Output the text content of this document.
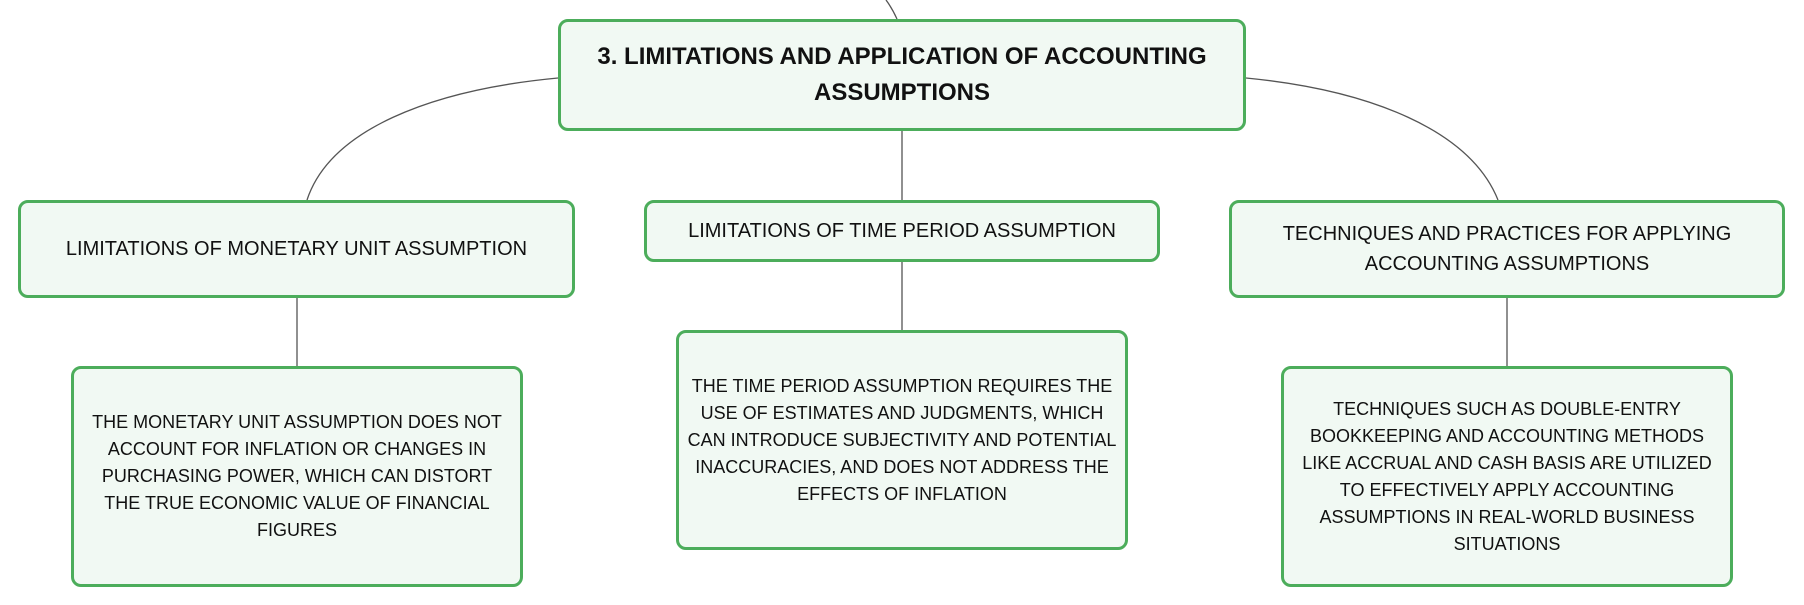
3. LIMITATIONS AND APPLICATION OF ACCOUNTING ASSUMPTIONS
LIMITATIONS OF MONETARY UNIT ASSUMPTION
LIMITATIONS OF TIME PERIOD ASSUMPTION	TECHNIQUES AND PRACTICES FOR APPLYING ACCOUNTING ASSUMPTIONS
THE MONETARY UNIT ASSUMPTION DOES NOT ACCOUNT FOR INFLATION OR CHANGES IN PURCHASING POWER, WHICH CAN DISTORT THE TRUE ECONOMIC VALUE OF FINANCIAL FIGURES
THE TIME PERIOD ASSUMPTION REQUIRES THE USE OF ESTIMATES AND JUDGMENTS, WHICH CAN INTRODUCE SUBJECTIVITY AND POTENTIAL INACCURACIES, AND DOES NOT ADDRESS THE EFFECTS OF INFLATION
TECHNIQUES SUCH AS DOUBLE-ENTRY BOOKKEEPING AND ACCOUNTING METHODS LIKE ACCRUAL AND CASH BASIS ARE UTILIZED TO EFFECTIVELY APPLY ACCOUNTING ASSUMPTIONS IN REAL-WORLD BUSINESS SITUATIONS
